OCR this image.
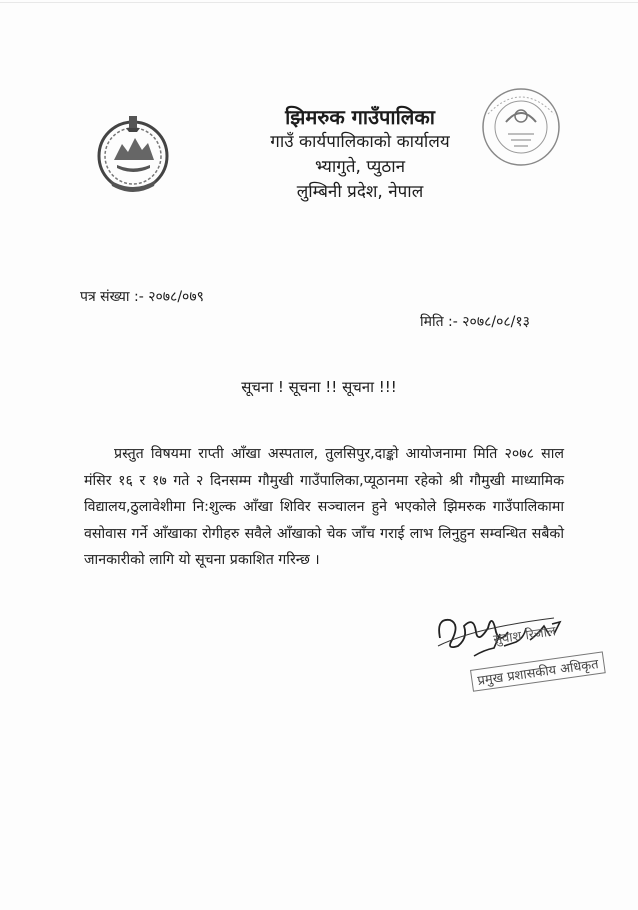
झिमरुक गाउँपालिका
गाउँ कार्यपालिकाको कार्यालय
भ्यागुते, प्युठान
लुम्बिनी प्रदेश, नेपाल
पत्र संख्या :- २०७८/०७९
मिति :- २०७८/०८/१३
सूचना ! सूचना !! सूचना !!!
प्रस्तुत विषयमा राप्ती आँखा अस्पताल, तुलसिपुर,दाङ्को आयोजनामा मिति २०७८ साल मंसिर १६ र १७ गते २ दिनसम्म गौमुखी गाउँपालिका,प्यूठानमा रहेको श्री गौमुखी माध्यामिक विद्यालय,ठुलावेशीमा नि:शुल्क आँखा शिविर सञ्चालन हुने भएकोले झिमरुक गाउँपालिकामा वसोवास गर्ने आँखाका रोगीहरु सवैले आँखाको चेक जाँच गराई लाभ लिनुहुन सम्वन्धित सबैको जानकारीको लागि यो सूचना प्रकाशित गरिन्छ ।
सुवाश रिजाल
प्रमुख प्रशासकीय अधिकृत
